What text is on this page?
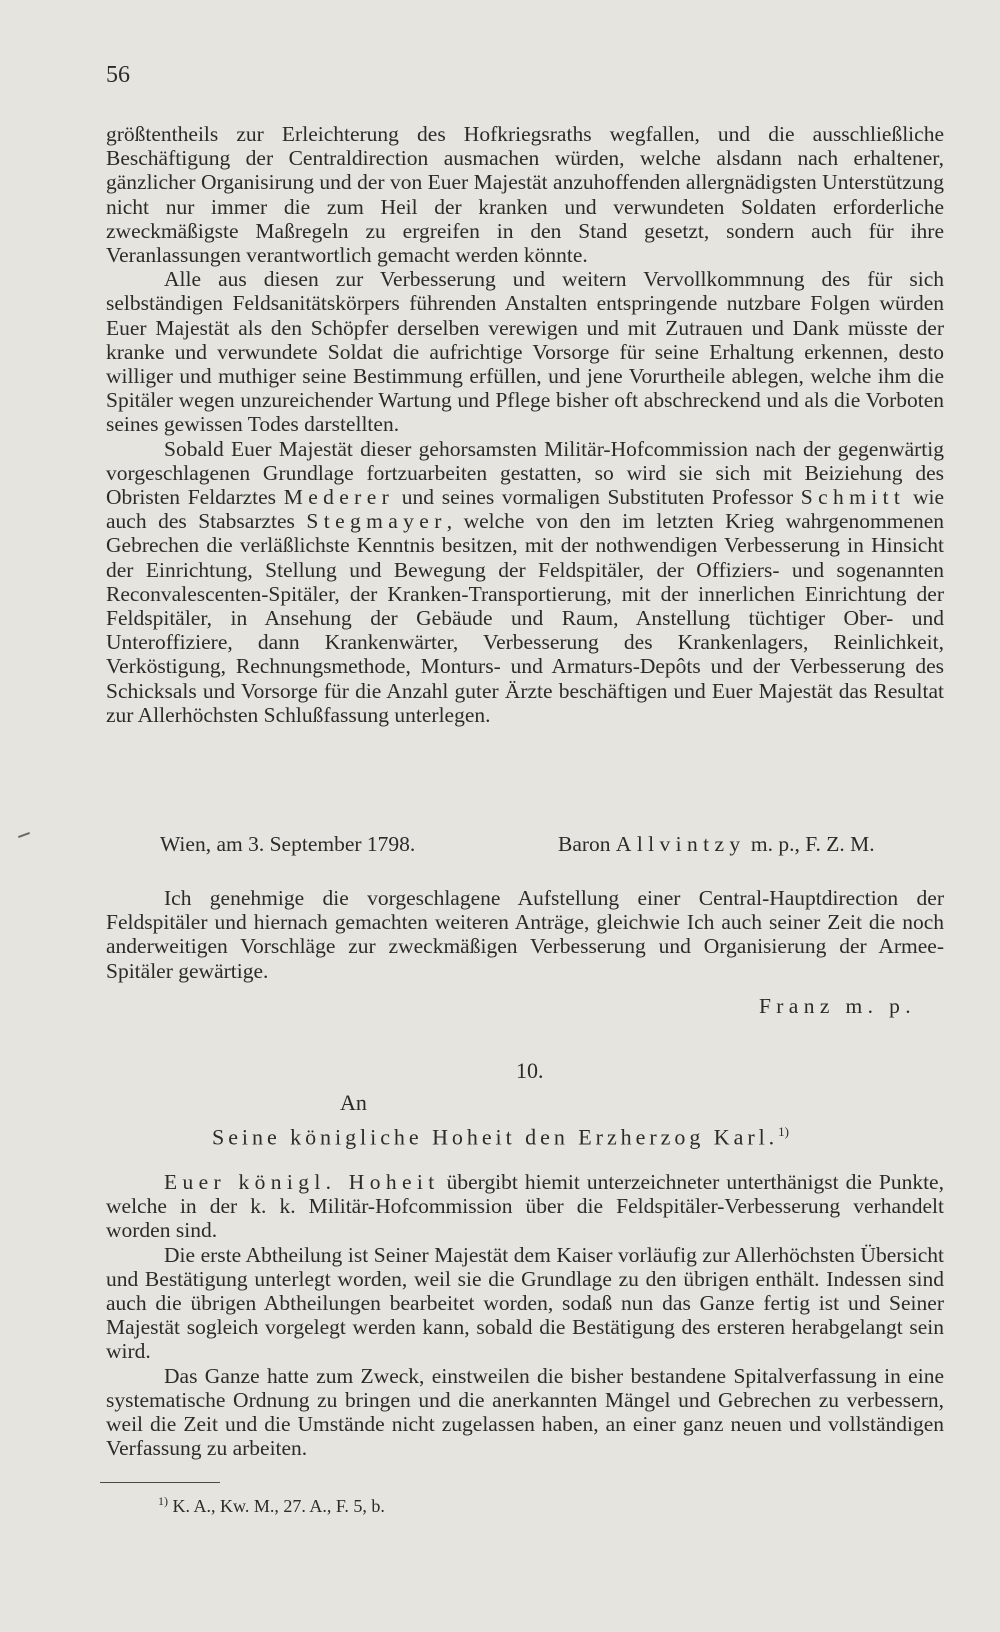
56

größtentheils zur Erleichterung des Hofkriegsraths wegfallen, und die ausschließliche Beschäftigung der Centraldirection ausmachen würden, welche alsdann nach erhaltener, gänzlicher Organisirung und der von Euer Majestät anzuhoffenden allergnädigsten Unterstützung nicht nur immer die zum Heil der kranken und verwundeten Soldaten erforderliche zweckmäßigste Maßregeln zu ergreifen in den Stand gesetzt, sondern auch für ihre Veranlassungen verantwortlich gemacht werden könnte.

Alle aus diesen zur Verbesserung und weitern Vervollkommnung des für sich selbständigen Feldsanitätskörpers führenden Anstalten entspringende nutzbare Folgen würden Euer Majestät als den Schöpfer derselben verewigen und mit Zutrauen und Dank müsste der kranke und verwundete Soldat die aufrichtige Vorsorge für seine Erhaltung erkennen, desto williger und muthiger seine Bestimmung erfüllen, und jene Vorurtheile ablegen, welche ihm die Spitäler wegen unzureichender Wartung und Pflege bisher oft abschreckend und als die Vorboten seines gewissen Todes darstellten.

Sobald Euer Majestät dieser gehorsamsten Militär-Hofcommission nach der gegenwärtig vorgeschlagenen Grundlage fortzuarbeiten gestatten, so wird sie sich mit Beiziehung des Obristen Feldarztes Mederer und seines vormaligen Substituten Professor Schmitt wie auch des Stabsarztes Stegmayer, welche von den im letzten Krieg wahrgenommenen Gebrechen die verläßlichste Kenntnis besitzen, mit der nothwendigen Verbesserung in Hinsicht der Einrichtung, Stellung und Bewegung der Feldspitäler, der Offiziers- und sogenannten Reconvalescenten-Spitäler, der Kranken-Transportierung, mit der innerlichen Einrichtung der Feldspitäler, in Ansehung der Gebäude und Raum, Anstellung tüchtiger Ober- und Unteroffiziere, dann Krankenwärter, Verbesserung des Krankenlagers, Reinlichkeit, Verköstigung, Rechnungsmethode, Monturs- und Armaturs-Depôts und der Verbesserung des Schicksals und Vorsorge für die Anzahl guter Ärzte beschäftigen und Euer Majestät das Resultat zur Allerhöchsten Schlußfassung unterlegen.

Wien, am 3. September 1798.	Baron Allvintzy m. p., F. Z. M.

Ich genehmige die vorgeschlagene Aufstellung einer Central-Hauptdirection der Feldspitäler und hiernach gemachten weiteren Anträge, gleichwie Ich auch seiner Zeit die noch anderweitigen Vorschläge zur zweckmäßigen Verbesserung und Organisierung der Armee-Spitäler gewärtige.

Franz m. p.
10.
An
Seine königliche Hoheit den Erzherzog Karl.$^{1)}$

Euer königl. Hoheit übergibt hiemit unterzeichneter unterthänigst die Punkte, welche in der k. k. Militär-Hofcommission über die Feldspitäler-Verbesserung verhandelt worden sind.

Die erste Abtheilung ist Seiner Majestät dem Kaiser vorläufig zur Allerhöchsten Übersicht und Bestätigung unterlegt worden, weil sie die Grundlage zu den übrigen enthält. Indessen sind auch die übrigen Abtheilungen bearbeitet worden, sodaß nun das Ganze fertig ist und Seiner Majestät sogleich vorgelegt werden kann, sobald die Bestätigung des ersteren herabgelangt sein wird.

Das Ganze hatte zum Zweck, einstweilen die bisher bestandene Spitalverfassung in eine systematische Ordnung zu bringen und die anerkannten Mängel und Gebrechen zu verbessern, weil die Zeit und die Umstände nicht zugelassen haben, an einer ganz neuen und vollständigen Verfassung zu arbeiten.

$^{1)}$ K. A., Kw. M., 27. A., F. 5, b.
